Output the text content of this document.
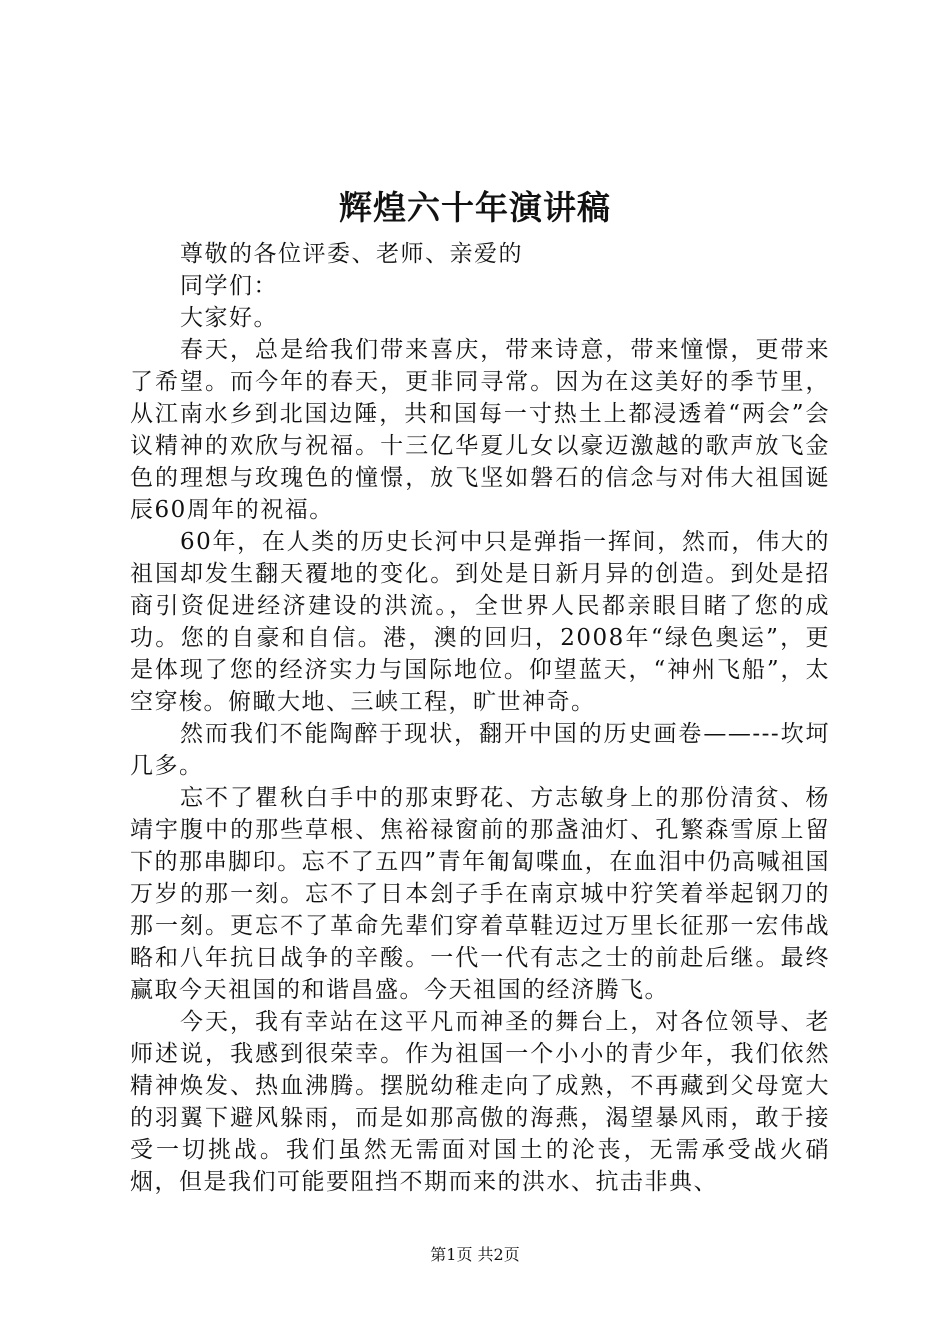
辉煌六十年演讲稿

尊敬的各位评委、老师、亲爱的

同学们：

大家好。

春天，总是给我们带来喜庆，带来诗意，带来憧憬，更带来了希望。而今年的春天，更非同寻常。因为在这美好的季节里，从江南水乡到北国边陲，共和国每一寸热土上都浸透着“两会”会议精神的欢欣与祝福。十三亿华夏儿女以豪迈激越的歌声放飞金色的理想与玫瑰色的憧憬，放飞坚如磐石的信念与对伟大祖国诞辰60周年的祝福。

60年，在人类的历史长河中只是弹指一挥间，然而，伟大的祖国却发生翻天覆地的变化。到处是日新月异的创造。到处是招商引资促进经济建设的洪流。，全世界人民都亲眼目睹了您的成功。您的自豪和自信。港，澳的回归，2008年“绿色奥运”，更是体现了您的经济实力与国际地位。仰望蓝天，“神州飞船”，太空穿梭。俯瞰大地、三峡工程，旷世神奇。

然而我们不能陶醉于现状，翻开中国的历史画卷——---坎坷几多。

忘不了瞿秋白手中的那束野花、方志敏身上的那份清贫、杨靖宇腹中的那些草根、焦裕禄窗前的那盏油灯、孔繁森雪原上留下的那串脚印。忘不了五四”青年匍匐喋血，在血泪中仍高喊祖国万岁的那一刻。忘不了日本刽子手在南京城中狞笑着举起钢刀的那一刻。更忘不了革命先辈们穿着草鞋迈过万里长征那一宏伟战略和八年抗日战争的辛酸。一代一代有志之士的前赴后继。最终赢取今天祖国的和谐昌盛。今天祖国的经济腾飞。

今天，我有幸站在这平凡而神圣的舞台上，对各位领导、老师述说，我感到很荣幸。作为祖国一个小小的青少年，我们依然精神焕发、热血沸腾。摆脱幼稚走向了成熟，不再藏到父母宽大的羽翼下避风躲雨，而是如那高傲的海燕，渴望暴风雨，敢于接受一切挑战。我们虽然无需面对国土的沦丧，无需承受战火硝烟，但是我们可能要阻挡不期而来的洪水、抗击非典、

第1页 共2页
